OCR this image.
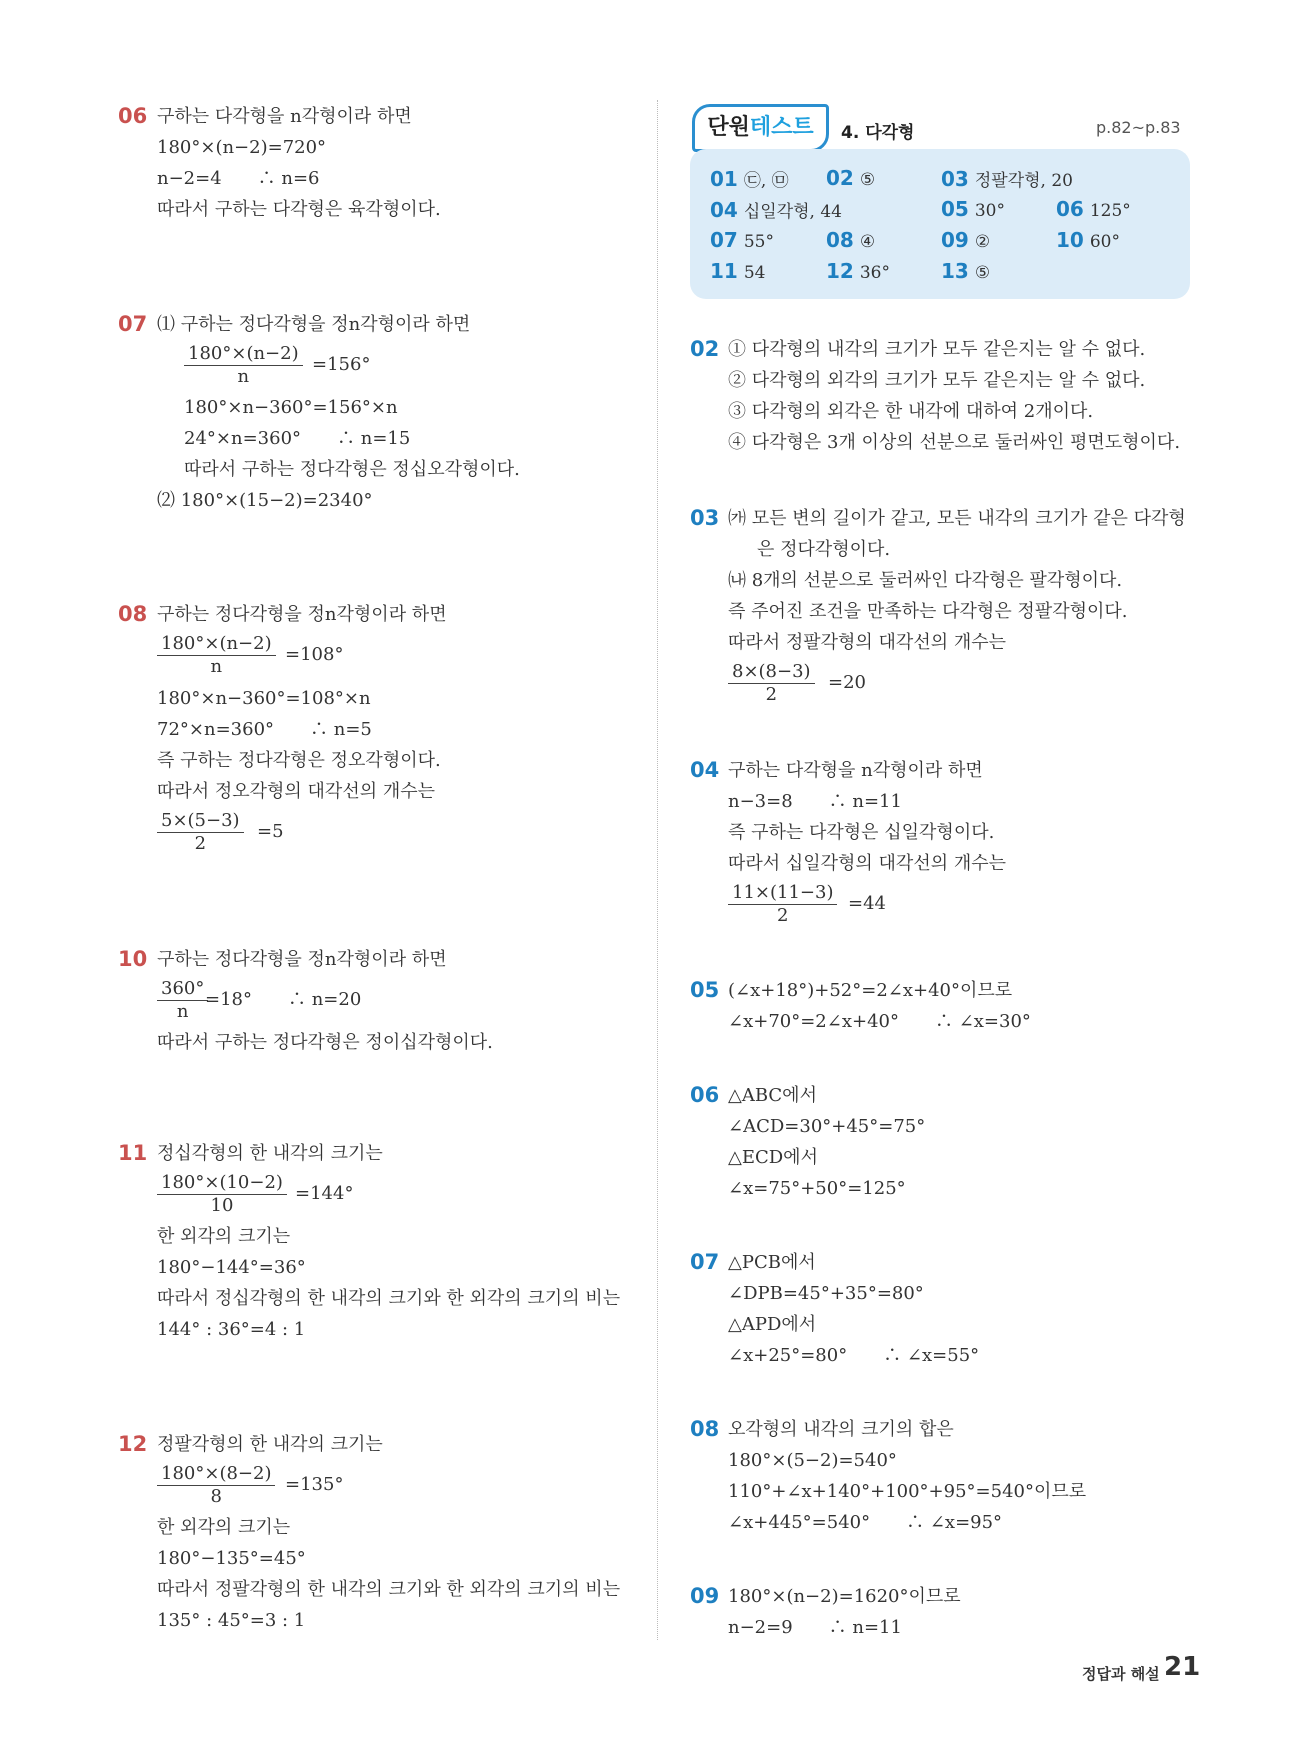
06 구하는 다각형을 n각형이라 하면
180°×(n−2)=720°
n−2=4　　∴ n=6
따라서 구하는 다각형은 육각형이다.
07 ⑴ 구하는 정다각형을 정n각형이라 하면
180°×(n−2)
n
=156°
180°×n−360°=156°×n
24°×n=360°　　∴ n=15
따라서 구하는 정다각형은 정십오각형이다.
⑵ 180°×(15−2)=2340°
08 구하는 정다각형을 정n각형이라 하면
180°×(n−2)
n
=108°
180°×n−360°=108°×n
72°×n=360°　　∴ n=5
즉 구하는 정다각형은 정오각형이다.
따라서 정오각형의 대각선의 개수는
5×(5−3)
2
=5
10 구하는 정다각형을 정n각형이라 하면
360°
n
=18°　　∴ n=20
따라서 구하는 정다각형은 정이십각형이다.
11 정십각형의 한 내각의 크기는
180°×(10−2)
10
=144°
한 외각의 크기는
180°−144°=36°
따라서 정십각형의 한 내각의 크기와 한 외각의 크기의 비는
144° : 36°=4 : 1
12 정팔각형의 한 내각의 크기는
180°×(8−2)
8
=135°
한 외각의 크기는
180°−135°=45°
따라서 정팔각형의 한 내각의 크기와 한 외각의 크기의 비는
135° : 45°=3 : 1
단원테스트	4. 다각형	p.82~p.83
01 ㉢, ㉤ 02 ⑤	03 정팔각형, 20
04 십일각형, 44	05 30°	06 125°
07 55°	08 ④	09 ②	10 60°
11 54	12 36°	13 ⑤
02 ① 다각형의 내각의 크기가 모두 같은지는 알 수 없다.
② 다각형의 외각의 크기가 모두 같은지는 알 수 없다.
③ 다각형의 외각은 한 내각에 대하여 2개이다.
④ 다각형은 3개 이상의 선분으로 둘러싸인 평면도형이다.
03 ㈎ 모든 변의 길이가 같고, 모든 내각의 크기가 같은 다각형
은 정다각형이다.
㈏ 8개의 선분으로 둘러싸인 다각형은 팔각형이다.
즉 주어진 조건을 만족하는 다각형은 정팔각형이다.
따라서 정팔각형의 대각선의 개수는
8×(8−3)
2
=20
04 구하는 다각형을 n각형이라 하면
n−3=8　　∴ n=11
즉 구하는 다각형은 십일각형이다.
따라서 십일각형의 대각선의 개수는
11×(11−3)
2
=44
05 (∠x+18°)+52°=2∠x+40°이므로
∠x+70°=2∠x+40°　　∴ ∠x=30°
06 △ABC에서
∠ACD=30°+45°=75°
△ECD에서
∠x=75°+50°=125°
07 △PCB에서
∠DPB=45°+35°=80°
△APD에서
∠x+25°=80°　　∴ ∠x=55°
08 오각형의 내각의 크기의 합은
180°×(5−2)=540°
110°+∠x+140°+100°+95°=540°이므로
∠x+445°=540°　　∴ ∠x=95°
09 180°×(n−2)=1620°이므로
n−2=9　　∴ n=11
정답과 해설 21
